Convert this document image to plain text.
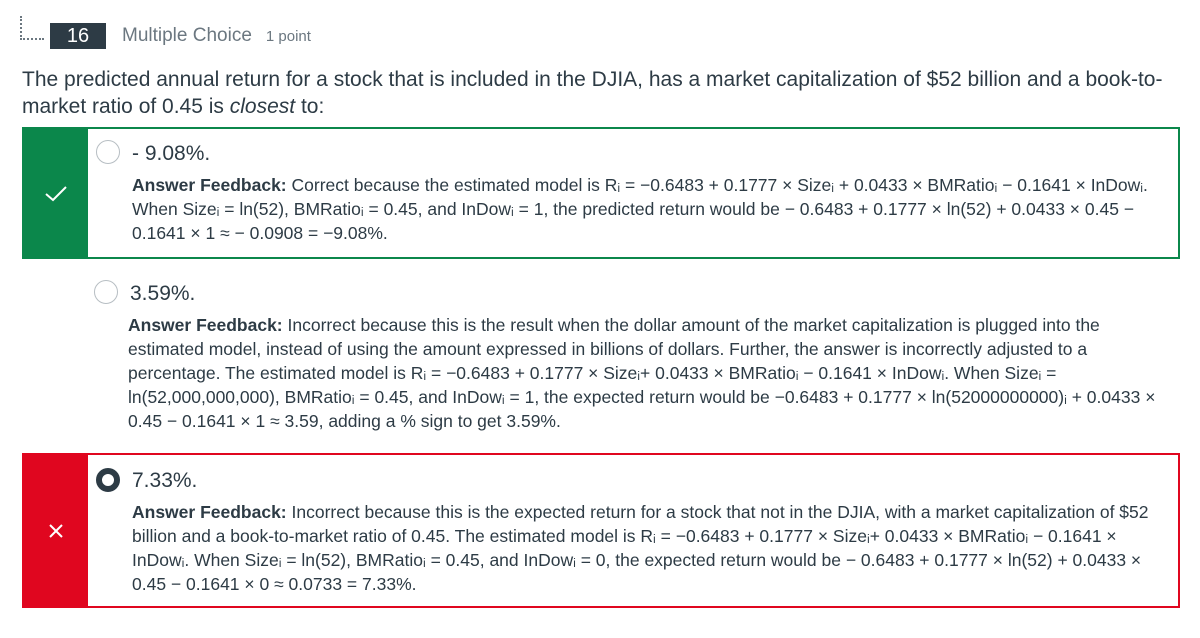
16	Multiple Choice 1 point
The predicted annual return for a stock that is included in the DJIA, has a market capitalization of $52 billion and a book-to-market ratio of 0.45 is closest to:
- 9.08%.
Answer Feedback: Correct because the estimated model is Rᵢ = −0.6483 + 0.1777 × Sizeᵢ + 0.0433 × BMRatioᵢ − 0.1641 × InDowᵢ. When Sizeᵢ = ln(52), BMRatioᵢ = 0.45, and InDowᵢ = 1, the predicted return would be − 0.6483 + 0.1777 × ln(52) + 0.0433 × 0.45 − 0.1641 × 1 ≈ − 0.0908 = −9.08%.
3.59%.
Answer Feedback: Incorrect because this is the result when the dollar amount of the market capitalization is plugged into the estimated model, instead of using the amount expressed in billions of dollars. Further, the answer is incorrectly adjusted to a percentage. The estimated model is Rᵢ = −0.6483 + 0.1777 × Sizeᵢ+ 0.0433 × BMRatioᵢ − 0.1641 × InDowᵢ. When Sizeᵢ = ln(52,000,000,000), BMRatioᵢ = 0.45, and InDowᵢ = 1, the expected return would be −0.6483 + 0.1777 × ln(52000000000)ᵢ + 0.0433 × 0.45 − 0.1641 × 1 ≈ 3.59, adding a % sign to get 3.59%.
7.33%.
Answer Feedback: Incorrect because this is the expected return for a stock that not in the DJIA, with a market capitalization of $52 billion and a book-to-market ratio of 0.45. The estimated model is Rᵢ = −0.6483 + 0.1777 × Sizeᵢ+ 0.0433 × BMRatioᵢ − 0.1641 × InDowᵢ. When Sizeᵢ = ln(52), BMRatioᵢ = 0.45, and InDowᵢ = 0, the expected return would be − 0.6483 + 0.1777 × ln(52) + 0.0433 × 0.45 − 0.1641 × 0 ≈ 0.0733 = 7.33%.
